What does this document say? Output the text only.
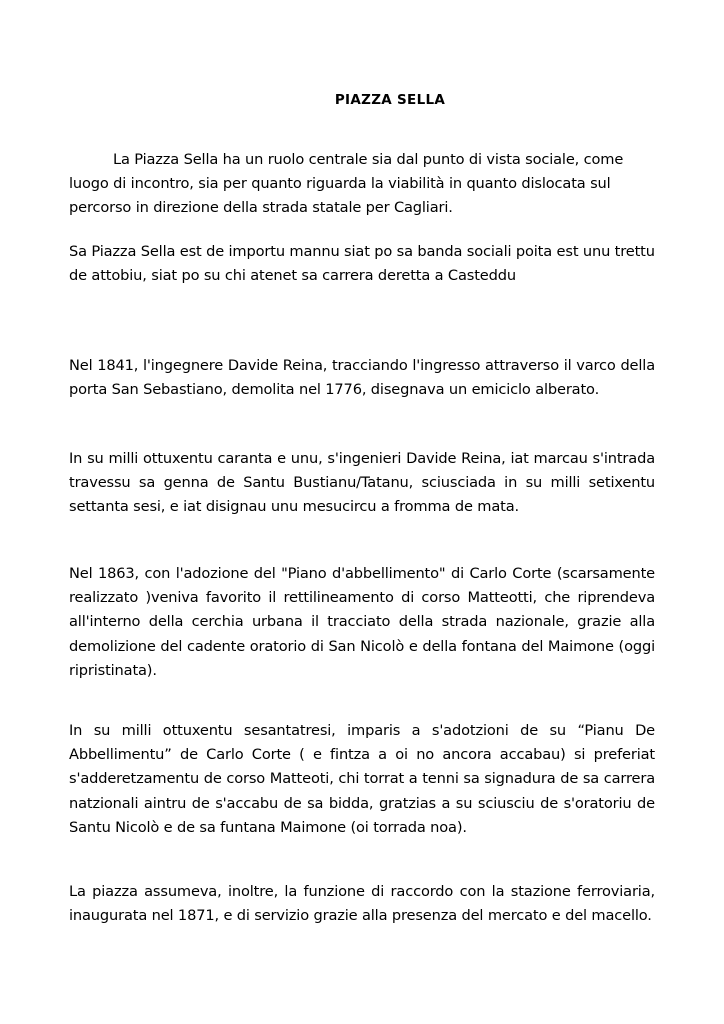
PIAZZA SELLA

La Piazza Sella ha un ruolo centrale sia dal punto di vista sociale, come luogo di incontro, sia per quanto riguarda la viabilità in quanto dislocata sul percorso in direzione della strada statale per Cagliari.

Sa Piazza Sella est de importu mannu siat po sa banda sociali poita est unu trettu de attobiu, siat po su chi atenet sa carrera deretta a Casteddu

Nel 1841, l'ingegnere Davide Reina, tracciando l'ingresso attraverso il varco della porta San Sebastiano, demolita nel 1776, disegnava un emiciclo alberato.

In su milli ottuxentu caranta e unu, s'ingenieri Davide Reina, iat marcau s'intrada travessu sa genna de Santu Bustianu/Tatanu, sciusciada in su milli setixentu settanta sesi, e iat disignau unu mesucircu a fromma de mata.

Nel 1863, con l'adozione del "Piano d'abbellimento" di Carlo Corte (scarsamente realizzato )veniva favorito il rettilineamento di corso Matteotti, che riprendeva all'interno della cerchia urbana il tracciato della strada nazionale, grazie alla demolizione del cadente oratorio di San Nicolò e della fontana del Maimone (oggi ripristinata).

In su milli ottuxentu sesantatresi, imparis a s'adotzioni de su “Pianu De Abbellimentu” de Carlo Corte ( e fintza a oi no ancora accabau) si preferiat s'adderetzamentu de corso Matteoti, chi torrat a tenni sa signadura de sa carrera natzionali aintru de s'accabu de sa bidda, gratzias a su sciusciu de s'oratoriu de Santu Nicolò e de sa funtana Maimone (oi torrada noa).

La piazza assumeva, inoltre, la funzione di raccordo con la stazione ferroviaria, inaugurata nel 1871, e di servizio grazie alla presenza del mercato e del macello.
